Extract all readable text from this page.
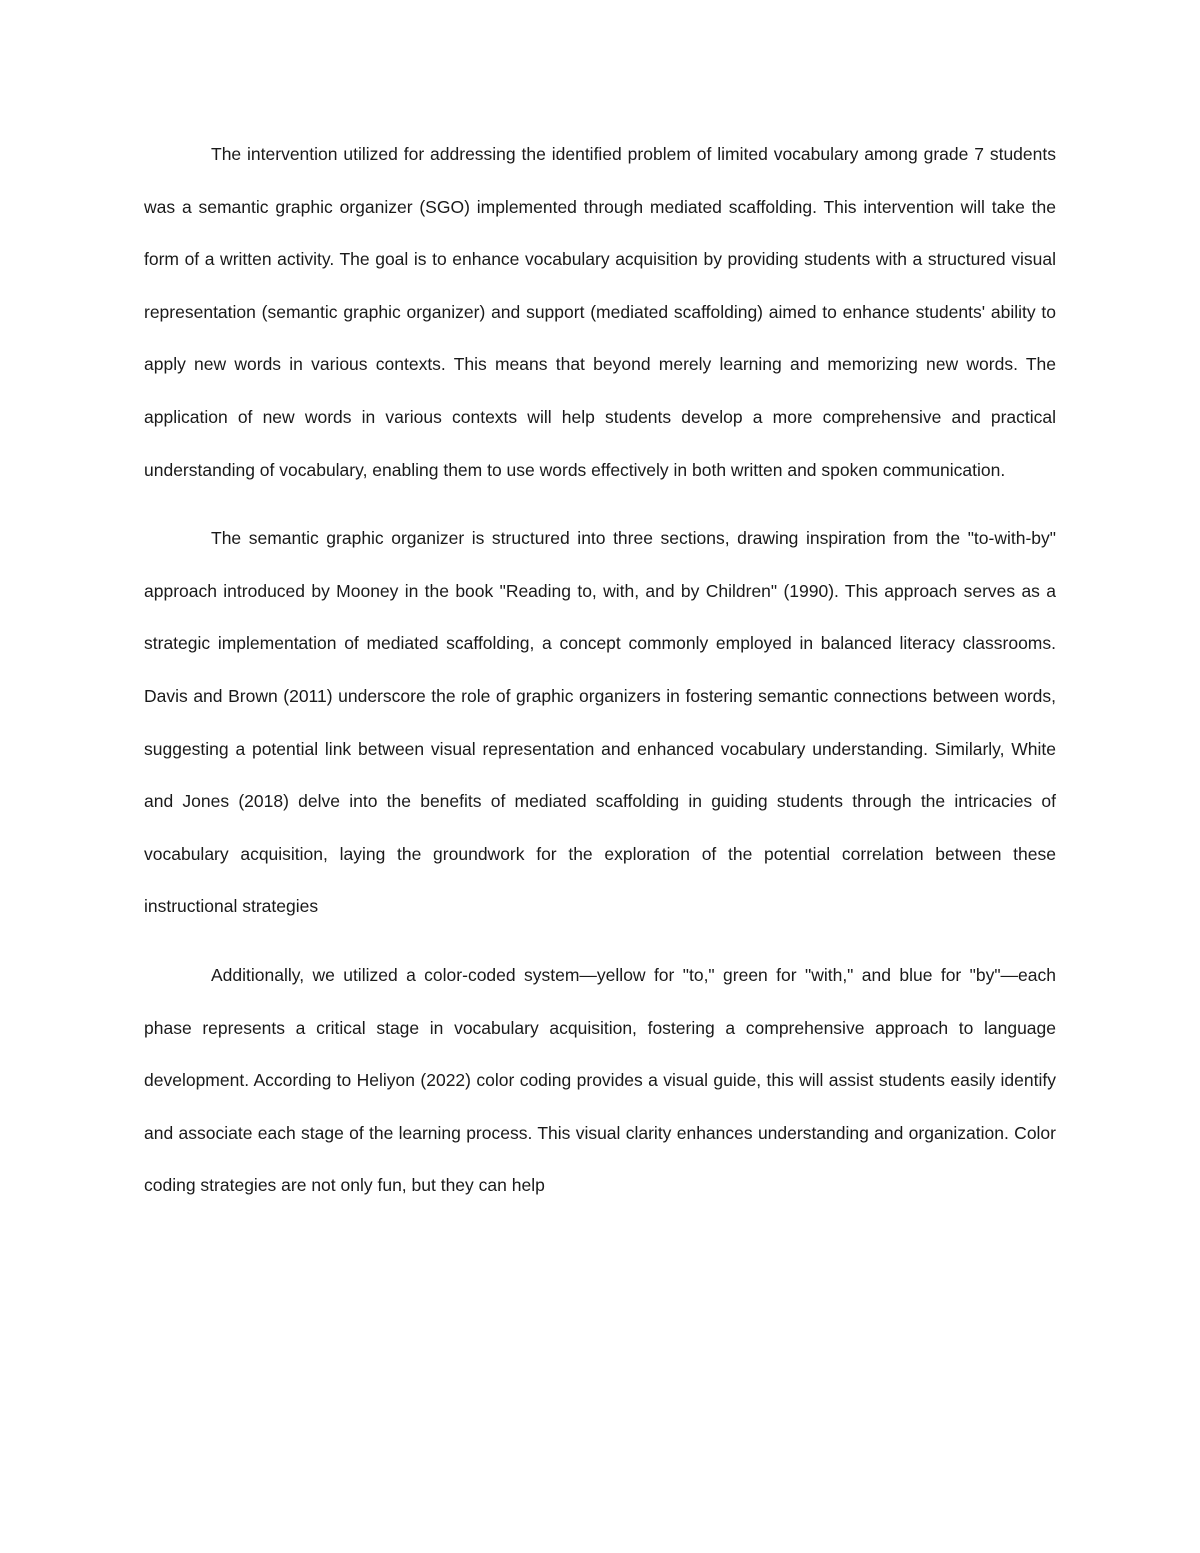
The intervention utilized for addressing the identified problem of limited vocabulary among grade 7 students was a semantic graphic organizer (SGO) implemented through mediated scaffolding. This intervention will take the form of a written activity. The goal is to enhance vocabulary acquisition by providing students with a structured visual representation (semantic graphic organizer) and support (mediated scaffolding) aimed to enhance students' ability to apply new words in various contexts. This means that beyond merely learning and memorizing new words. The application of new words in various contexts will help students develop a more comprehensive and practical understanding of vocabulary, enabling them to use words effectively in both written and spoken communication.

The semantic graphic organizer is structured into three sections, drawing inspiration from the "to-with-by" approach introduced by Mooney in the book "Reading to, with, and by Children" (1990). This approach serves as a strategic implementation of mediated scaffolding, a concept commonly employed in balanced literacy classrooms. Davis and Brown (2011) underscore the role of graphic organizers in fostering semantic connections between words, suggesting a potential link between visual representation and enhanced vocabulary understanding. Similarly, White and Jones (2018) delve into the benefits of mediated scaffolding in guiding students through the intricacies of vocabulary acquisition, laying the groundwork for the exploration of the potential correlation between these instructional strategies

Additionally, we utilized a color-coded system—yellow for "to," green for "with," and blue for "by"—each phase represents a critical stage in vocabulary acquisition, fostering a comprehensive approach to language development. According to Heliyon (2022) color coding provides a visual guide, this will assist students easily identify and associate each stage of the learning process. This visual clarity enhances understanding and organization. Color coding strategies are not only fun, but they can help
